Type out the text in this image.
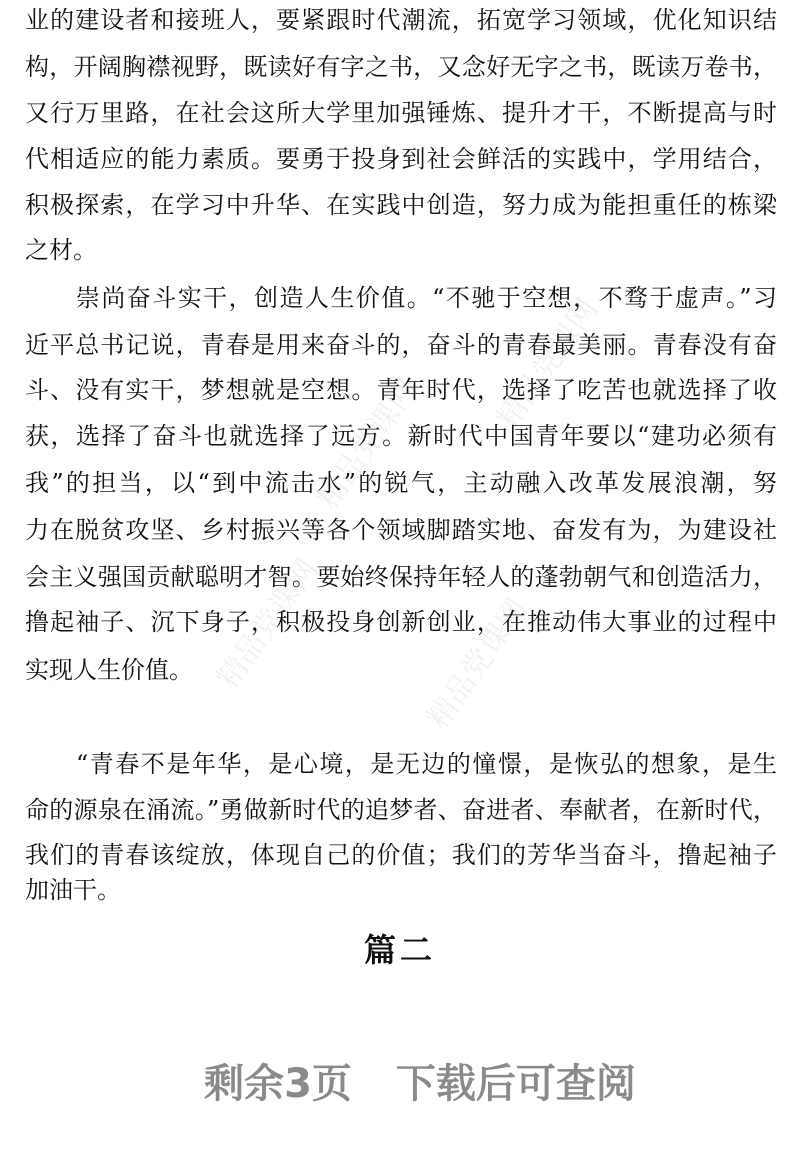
精品党课网
精品党课网
精品党课网	精品党课网
业的建设者和接班人，要紧跟时代潮流，拓宽学习领域，优化知识结
构，开阔胸襟视野，既读好有字之书，又念好无字之书，既读万卷书，
又行万里路，在社会这所大学里加强锤炼、提升才干，不断提高与时
代相适应的能力素质。要勇于投身到社会鲜活的实践中，学用结合，
积极探索，在学习中升华、在实践中创造，努力成为能担重任的栋梁
之材。
　　崇尚奋斗实干，创造人生价值。“不驰于空想，不骛于虚声。”习
近平总书记说，青春是用来奋斗的，奋斗的青春最美丽。青春没有奋
斗、没有实干，梦想就是空想。青年时代，选择了吃苦也就选择了收
获，选择了奋斗也就选择了远方。新时代中国青年要以“建功必须有
我”的担当，以“到中流击水”的锐气，主动融入改革发展浪潮，努
力在脱贫攻坚、乡村振兴等各个领域脚踏实地、奋发有为，为建设社
会主义强国贡献聪明才智。要始终保持年轻人的蓬勃朝气和创造活力，
撸起袖子、沉下身子，积极投身创新创业，在推动伟大事业的过程中
实现人生价值。
　　“青春不是年华，是心境，是无边的憧憬，是恢弘的想象，是生
命的源泉在涌流。”勇做新时代的追梦者、奋进者、奉献者，在新时代，
我们的青春该绽放，体现自己的价值；我们的芳华当奋斗，撸起袖子
加油干。
篇二
剩余3页 下载后可查阅
